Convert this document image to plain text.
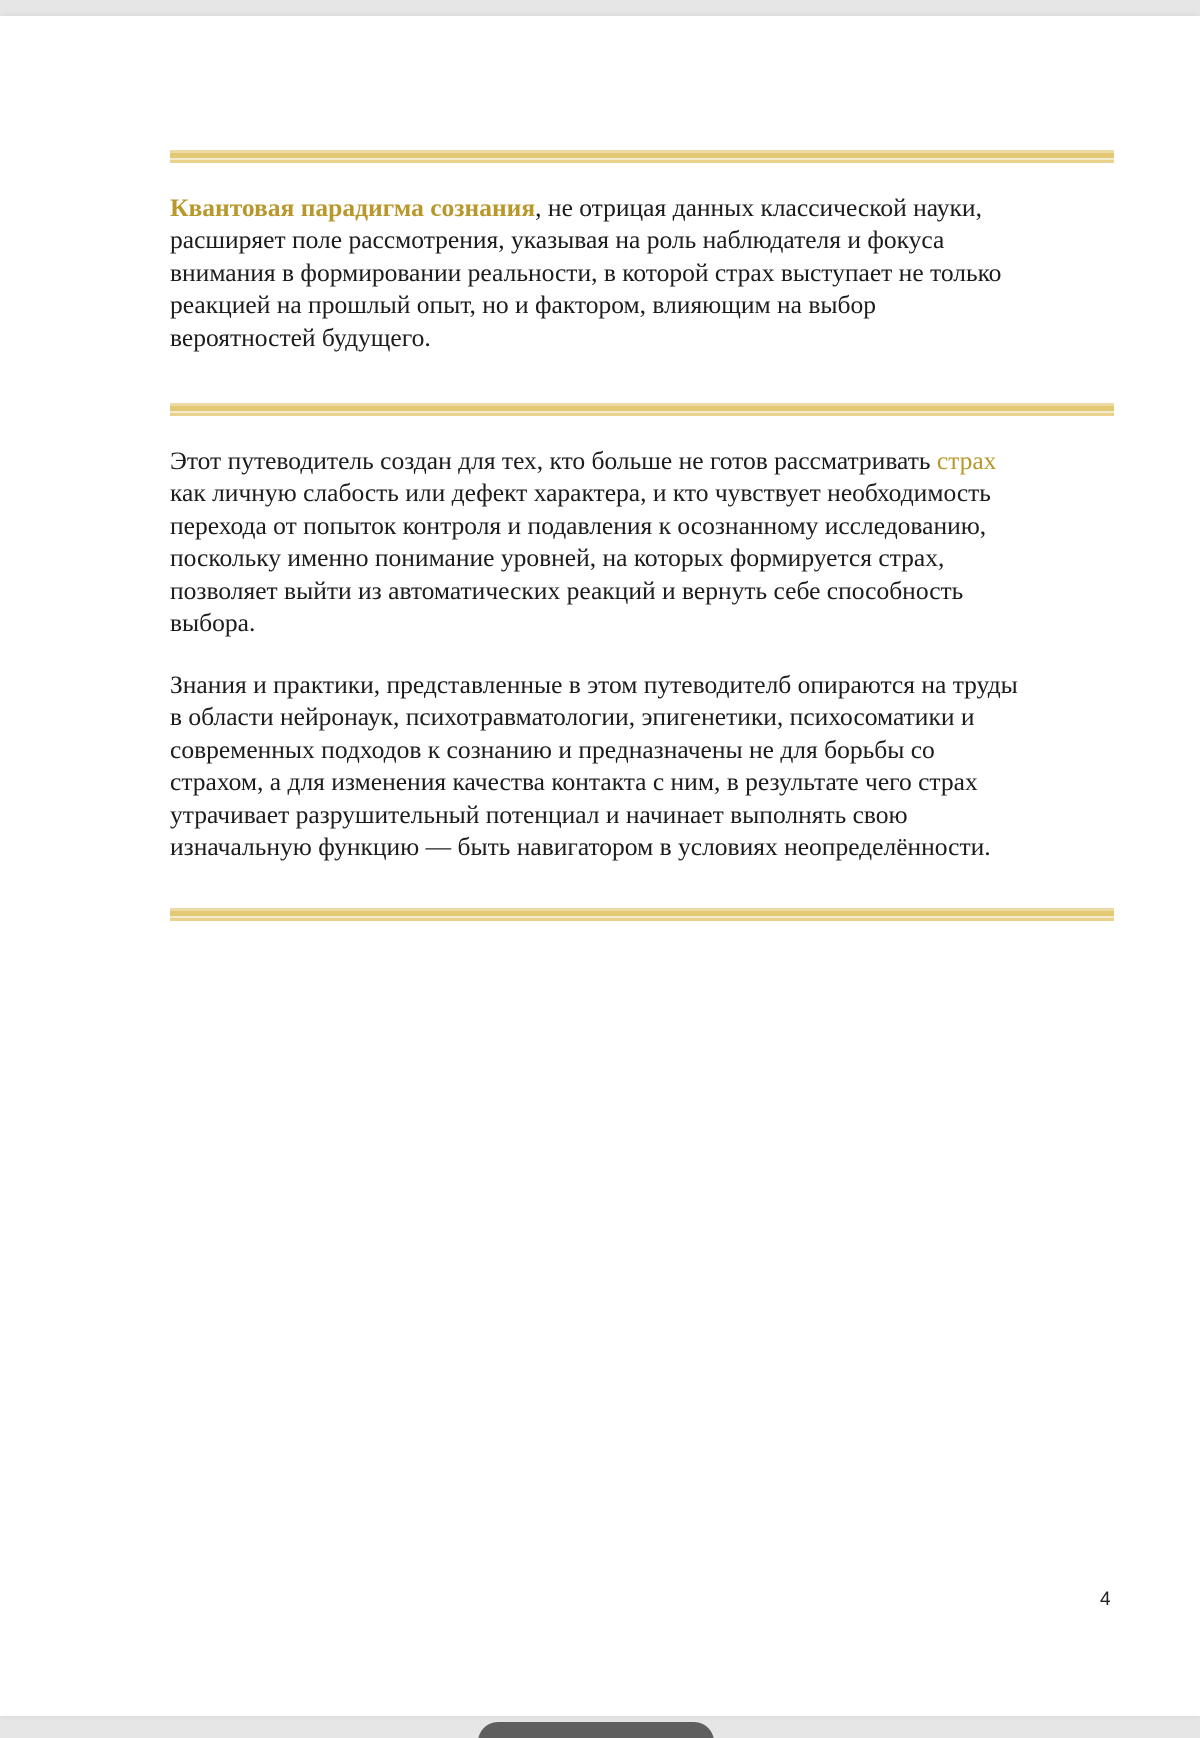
Квантовая парадигма сознания, не отрицая данных классической науки,
расширяет поле рассмотрения, указывая на роль наблюдателя и фокуса
внимания в формировании реальности, в которой страх выступает не только
реакцией на прошлый опыт, но и фактором, влияющим на выбор
вероятностей будущего.

Этот путеводитель создан для тех, кто больше не готов рассматривать страх
как личную слабость или дефект характера, и кто чувствует необходимость
перехода от попыток контроля и подавления к осознанному исследованию,
поскольку именно понимание уровней, на которых формируется страх,
позволяет выйти из автоматических реакций и вернуть себе способность
выбора.

Знания и практики, представленные в этом путеводителб опираются на труды
в области нейронаук, психотравматологии, эпигенетики, психосоматики и
современных подходов к сознанию и предназначены не для борьбы со
страхом, а для изменения качества контакта с ним, в результате чего страх
утрачивает разрушительный потенциал и начинает выполнять свою
изначальную функцию — быть навигатором в условиях неопределённости.

4
